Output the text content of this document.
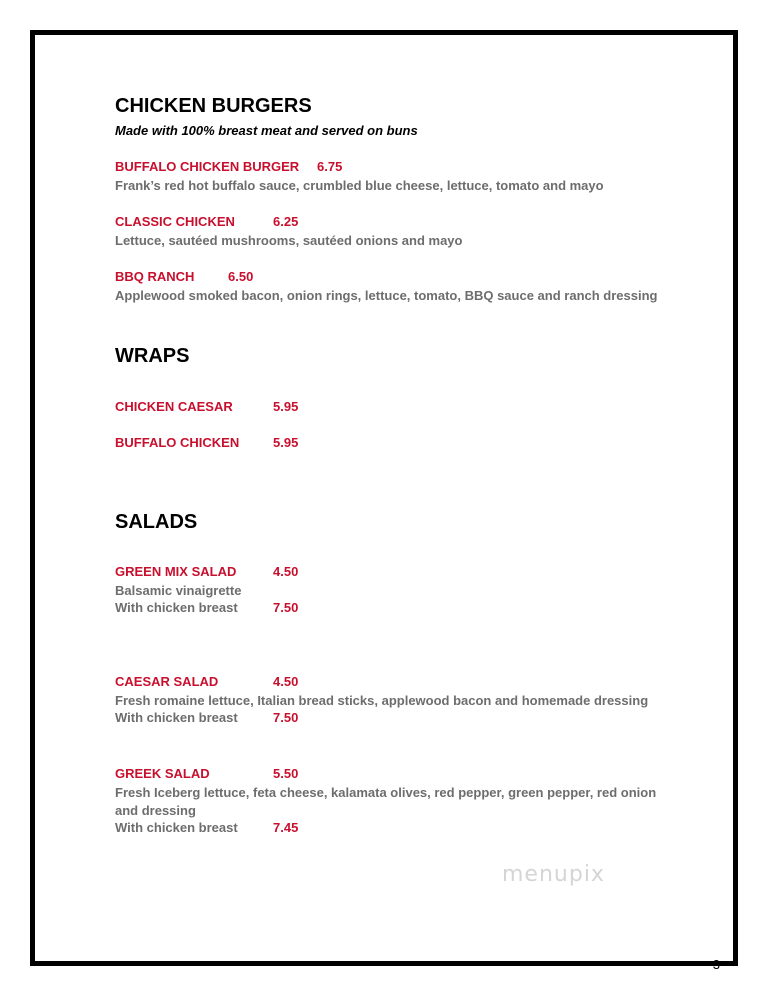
CHICKEN BURGERS
Made with 100% breast meat and served on buns
BUFFALO CHICKEN BURGER 6.75
Frank’s red hot buffalo sauce, crumbled blue cheese, lettuce, tomato and mayo
CLASSIC CHICKEN	6.25
Lettuce, sautéed mushrooms, sautéed onions and mayo
BBQ RANCH	6.50
Applewood smoked bacon, onion rings, lettuce, tomato, BBQ sauce and ranch dressing
WRAPS
CHICKEN CAESAR	5.95
BUFFALO CHICKEN	5.95
SALADS
GREEN MIX SALAD	4.50
Balsamic vinaigrette
With chicken breast	7.50
CAESAR SALAD	4.50
Fresh romaine lettuce, Italian bread sticks, applewood bacon and homemade dressing
With chicken breast	7.50
GREEK SALAD	5.50
Fresh Iceberg lettuce, feta cheese, kalamata olives, red pepper, green pepper, red onion and dressing
With chicken breast	7.45
menupix
3
